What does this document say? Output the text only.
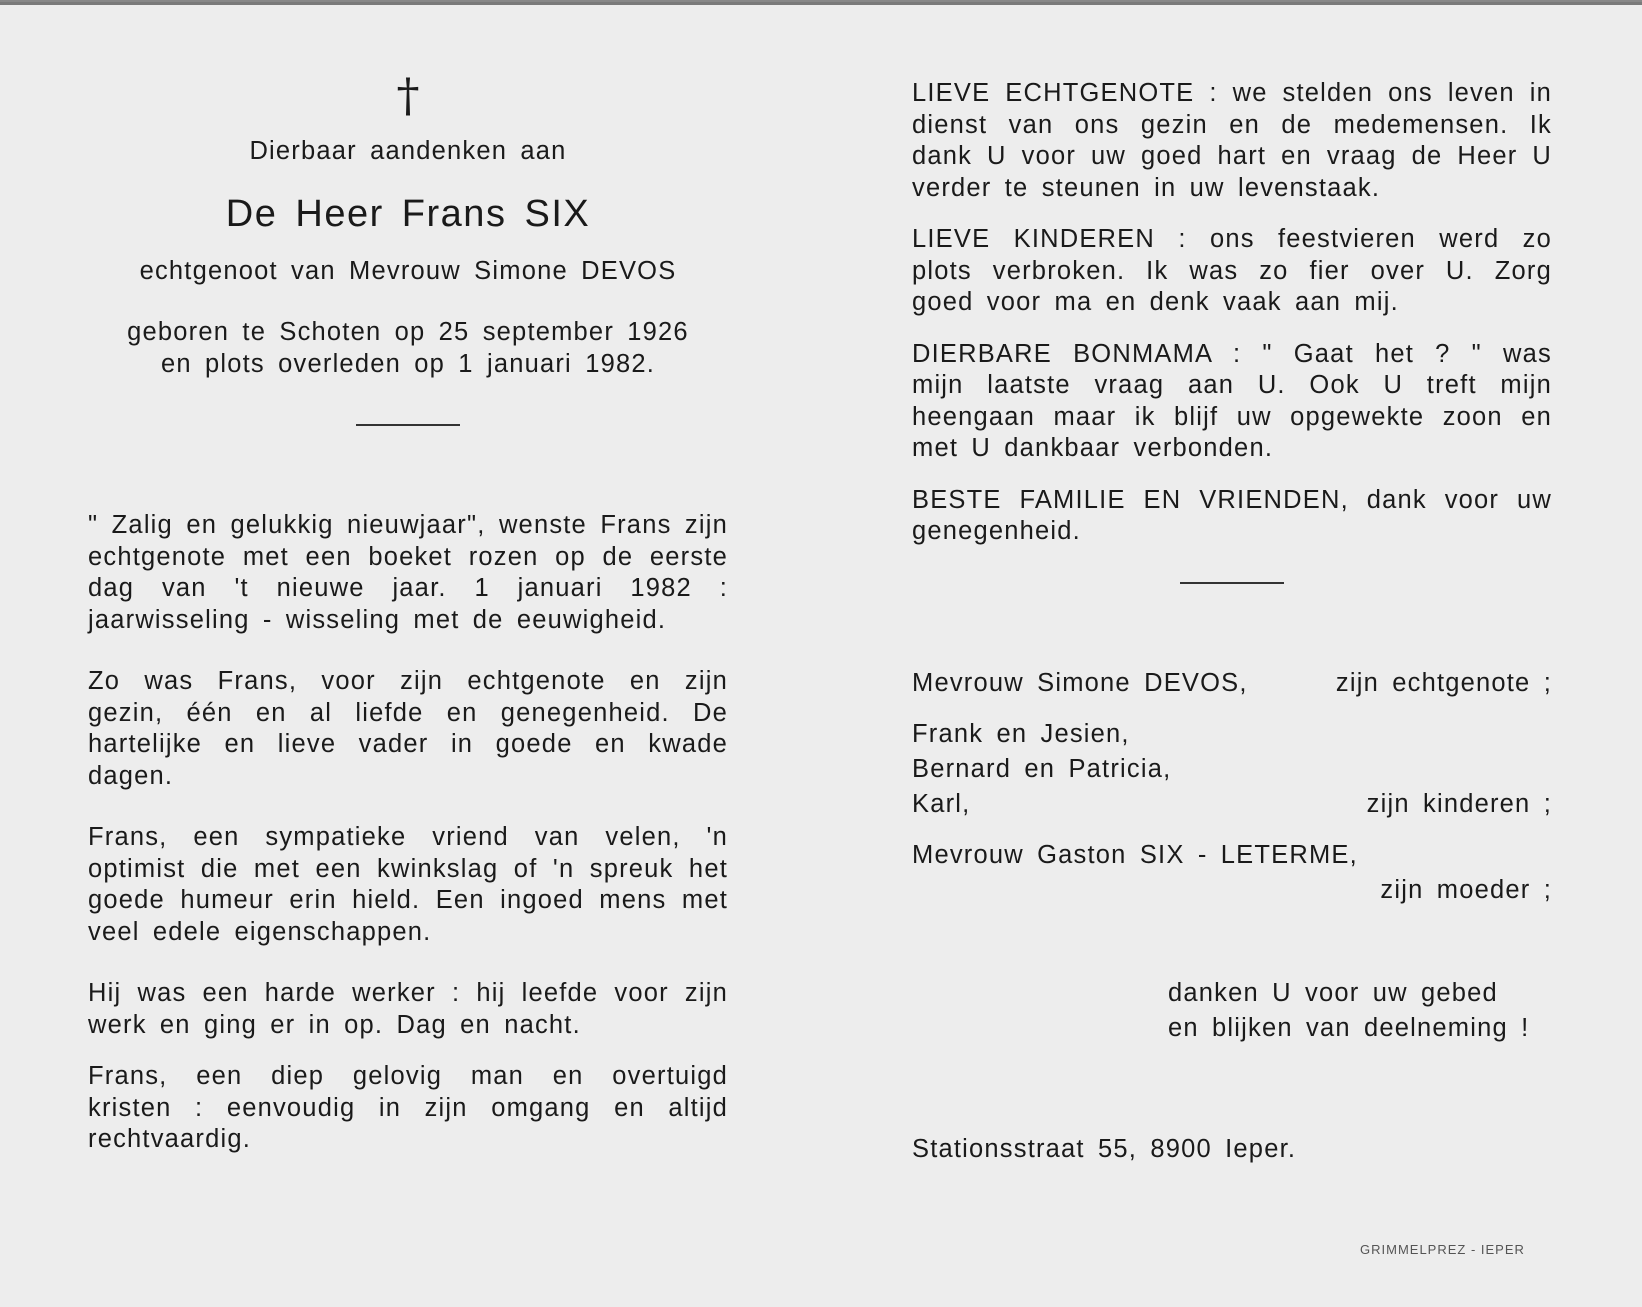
†

Dierbaar aandenken aan

De Heer Frans SIX

echtgenoot van Mevrouw Simone DEVOS

geboren te Schoten op 25 september 1926

en plots overleden op 1 januari 1982.

" Zalig en gelukkig nieuwjaar", wenste Frans zijn echtgenote met een boeket rozen op de eerste dag van 't nieuwe jaar. 1 januari 1982 : jaarwisseling - wisseling met de eeuwigheid.

Zo was Frans, voor zijn echtgenote en zijn gezin, één en al liefde en genegenheid. De hartelijke en lieve vader in goede en kwade dagen.

Frans, een sympatieke vriend van velen, 'n optimist die met een kwinkslag of 'n spreuk het goede humeur erin hield. Een ingoed mens met veel edele eigenschappen.

Hij was een harde werker : hij leefde voor zijn werk en ging er in op. Dag en nacht.

Frans, een diep gelovig man en overtuigd kristen : eenvoudig in zijn omgang en altijd rechtvaardig.

LIEVE ECHTGENOTE : we stelden ons leven in dienst van ons gezin en de medemensen. Ik dank U voor uw goed hart en vraag de Heer U verder te steunen in uw levenstaak.

LIEVE KINDEREN : ons feestvieren werd zo plots verbroken. Ik was zo fier over U. Zorg goed voor ma en denk vaak aan mij.

DIERBARE BONMAMA : " Gaat het ? " was mijn laatste vraag aan U. Ook U treft mijn heengaan maar ik blijf uw opgewekte zoon en met U dankbaar verbonden.

BESTE FAMILIE EN VRIENDEN, dank voor uw genegenheid.

Mevrouw Simone DEVOS,	zijn echtgenote ;
Frank en Jesien,
Bernard en Patricia,
Karl,	zijn kinderen ;
Mevrouw Gaston SIX - LETERME,
zijn moeder ;
danken U voor uw gebed
en blijken van deelneming !

Stationsstraat 55, 8900 Ieper.

GRIMMELPREZ - IEPER
